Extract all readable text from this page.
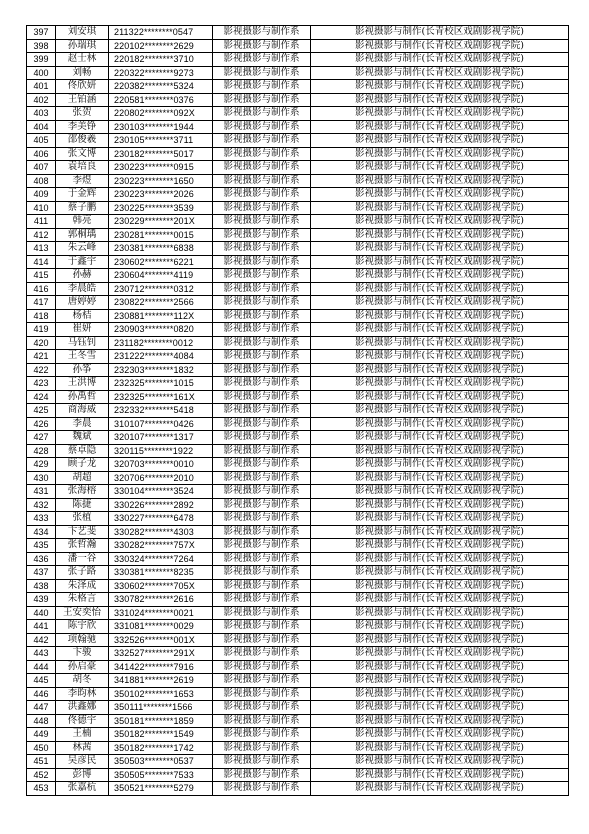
397	刘安琪	211322********0547	影视摄影与制作系	影视摄影与制作(长青校区戏剧影视学院)
398	孙瑞琪	220102********2629	影视摄影与制作系	影视摄影与制作(长青校区戏剧影视学院)
399	赵士林	220182********3710	影视摄影与制作系	影视摄影与制作(长青校区戏剧影视学院)
400	刘畅	220322********9273	影视摄影与制作系	影视摄影与制作(长青校区戏剧影视学院)
401	佟欣妍	220382********5324	影视摄影与制作系	影视摄影与制作(长青校区戏剧影视学院)
402	王铂涵	220581********0376	影视摄影与制作系	影视摄影与制作(长青校区戏剧影视学院)
403	张贺	220802********092X	影视摄影与制作系	影视摄影与制作(长青校区戏剧影视学院)
404	李美铮	230103********1944	影视摄影与制作系	影视摄影与制作(长青校区戏剧影视学院)
405	邵俊羲	230105********3711	影视摄影与制作系	影视摄影与制作(长青校区戏剧影视学院)
406	张文博	230182********5017	影视摄影与制作系	影视摄影与制作(长青校区戏剧影视学院)
407	袁培良	230223********0915	影视摄影与制作系	影视摄影与制作(长青校区戏剧影视学院)
408	李煜	230223********1650	影视摄影与制作系	影视摄影与制作(长青校区戏剧影视学院)
409	于金辉	230223********2026	影视摄影与制作系	影视摄影与制作(长青校区戏剧影视学院)
410	蔡子鹏	230225********3539	影视摄影与制作系	影视摄影与制作(长青校区戏剧影视学院)
411	韩亮	230229********201X	影视摄影与制作系	影视摄影与制作(长青校区戏剧影视学院)
412	郭桐瑀	230281********0015	影视摄影与制作系	影视摄影与制作(长青校区戏剧影视学院)
413	朱云峰	230381********6838	影视摄影与制作系	影视摄影与制作(长青校区戏剧影视学院)
414	于鑫宇	230602********6221	影视摄影与制作系	影视摄影与制作(长青校区戏剧影视学院)
415	孙赫	230604********4119	影视摄影与制作系	影视摄影与制作(长青校区戏剧影视学院)
416	李晨皓	230712********0312	影视摄影与制作系	影视摄影与制作(长青校区戏剧影视学院)
417	唐婷婷	230822********2566	影视摄影与制作系	影视摄影与制作(长青校区戏剧影视学院)
418	杨桔	230881********112X	影视摄影与制作系	影视摄影与制作(长青校区戏剧影视学院)
419	崔妍	230903********0820	影视摄影与制作系	影视摄影与制作(长青校区戏剧影视学院)
420	马钰钊	231182********0012	影视摄影与制作系	影视摄影与制作(长青校区戏剧影视学院)
421	王冬雪	231222********4084	影视摄影与制作系	影视摄影与制作(长青校区戏剧影视学院)
422	孙筝	232303********1832	影视摄影与制作系	影视摄影与制作(长青校区戏剧影视学院)
423	王洪博	232325********1015	影视摄影与制作系	影视摄影与制作(长青校区戏剧影视学院)
424	孙禹哲	232325********161X	影视摄影与制作系	影视摄影与制作(长青校区戏剧影视学院)
425	商海威	232332********5418	影视摄影与制作系	影视摄影与制作(长青校区戏剧影视学院)
426	李晨	310107********0426	影视摄影与制作系	影视摄影与制作(长青校区戏剧影视学院)
427	魏斌	320107********1317	影视摄影与制作系	影视摄影与制作(长青校区戏剧影视学院)
428	蔡卓隐	320115********1922	影视摄影与制作系	影视摄影与制作(长青校区戏剧影视学院)
429	顾子龙	320703********0010	影视摄影与制作系	影视摄影与制作(长青校区戏剧影视学院)
430	胡超	320706********2010	影视摄影与制作系	影视摄影与制作(长青校区戏剧影视学院)
431	张海榕	330104********3524	影视摄影与制作系	影视摄影与制作(长青校区戏剧影视学院)
432	陈捷	330226********2892	影视摄影与制作系	影视摄影与制作(长青校区戏剧影视学院)
433	张植	330227********6478	影视摄影与制作系	影视摄影与制作(长青校区戏剧影视学院)
434	卞艺斐	330282********4303	影视摄影与制作系	影视摄影与制作(长青校区戏剧影视学院)
435	张哲瀚	330282********757X	影视摄影与制作系	影视摄影与制作(长青校区戏剧影视学院)
436	潘一谷	330324********7264	影视摄影与制作系	影视摄影与制作(长青校区戏剧影视学院)
437	张子路	330381********8235	影视摄影与制作系	影视摄影与制作(长青校区戏剧影视学院)
438	朱泽成	330602********705X	影视摄影与制作系	影视摄影与制作(长青校区戏剧影视学院)
439	朱格言	330782********2616	影视摄影与制作系	影视摄影与制作(长青校区戏剧影视学院)
440	王安奕怡	331024********0021	影视摄影与制作系	影视摄影与制作(长青校区戏剧影视学院)
441	陈宇欣	331081********0029	影视摄影与制作系	影视摄影与制作(长青校区戏剧影视学院)
442	项翰驰	332526********001X	影视摄影与制作系	影视摄影与制作(长青校区戏剧影视学院)
443	卞骏	332527********291X	影视摄影与制作系	影视摄影与制作(长青校区戏剧影视学院)
444	孙启豪	341422********7916	影视摄影与制作系	影视摄影与制作(长青校区戏剧影视学院)
445	胡冬	341881********2619	影视摄影与制作系	影视摄影与制作(长青校区戏剧影视学院)
446	李昀林	350102********1653	影视摄影与制作系	影视摄影与制作(长青校区戏剧影视学院)
447	洪鑫娜	350111********1566	影视摄影与制作系	影视摄影与制作(长青校区戏剧影视学院)
448	佟德宇	350181********1859	影视摄影与制作系	影视摄影与制作(长青校区戏剧影视学院)
449	王楠	350182********1549	影视摄影与制作系	影视摄影与制作(长青校区戏剧影视学院)
450	林茜	350182********1742	影视摄影与制作系	影视摄影与制作(长青校区戏剧影视学院)
451	吴彦民	350503********0537	影视摄影与制作系	影视摄影与制作(长青校区戏剧影视学院)
452	彭博	350505********7533	影视摄影与制作系	影视摄影与制作(长青校区戏剧影视学院)
453	张嘉杭	350521********5279	影视摄影与制作系	影视摄影与制作(长青校区戏剧影视学院)
